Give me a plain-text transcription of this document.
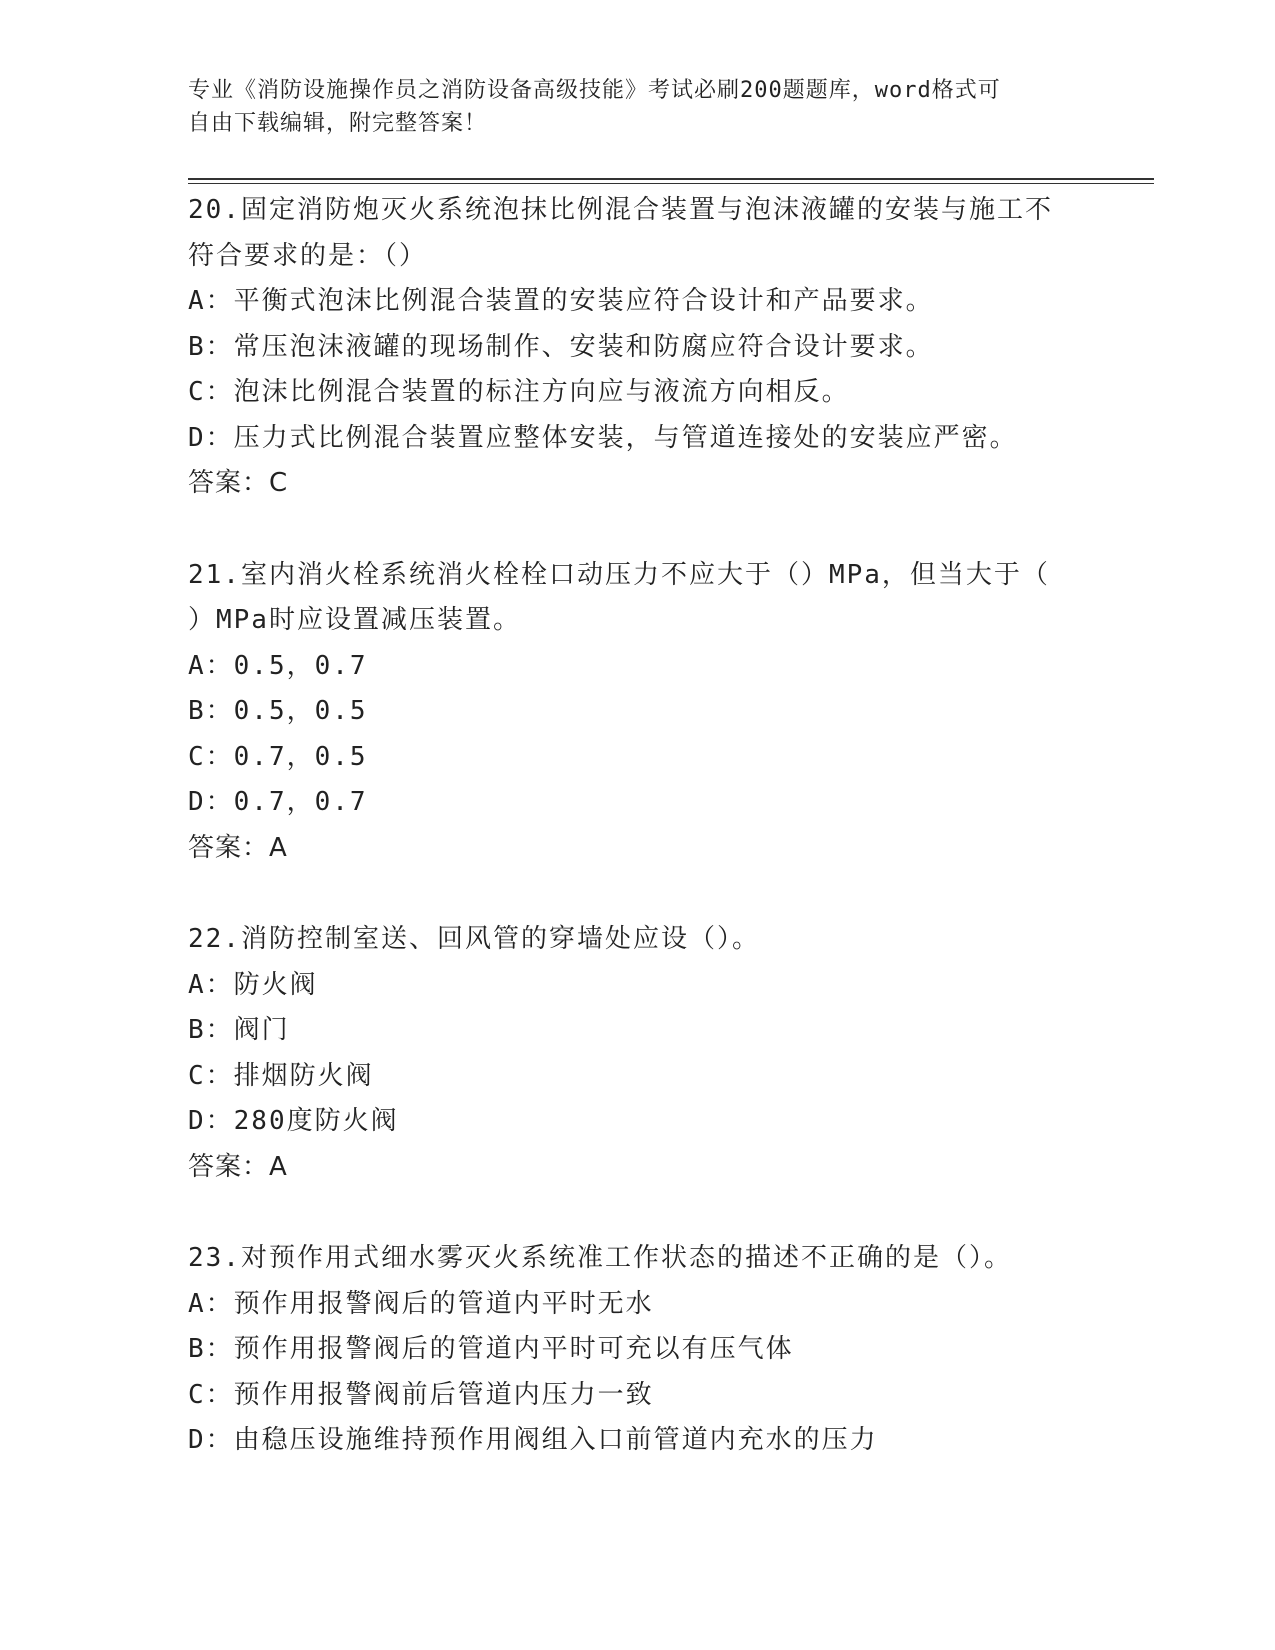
专业《消防设施操作员之消防设备高级技能》考试必刷200题题库，word格式可
自由下载编辑，附完整答案！

20.固定消防炮灭火系统泡抹比例混合装置与泡沫液罐的安装与施工不

符合要求的是：（）

A：平衡式泡沫比例混合装置的安装应符合设计和产品要求。

B：常压泡沫液罐的现场制作、安装和防腐应符合设计要求。

C：泡沫比例混合装置的标注方向应与液流方向相反。

D：压力式比例混合装置应整体安装，与管道连接处的安装应严密。

答案：C

21.室内消火栓系统消火栓栓口动压力不应大于（）MPa，但当大于（

）MPa时应设置减压装置。

A：0.5，0.7

B：0.5，0.5

C：0.7，0.5

D：0.7，0.7

答案：A

22.消防控制室送、回风管的穿墙处应设（）。

A：防火阀

B：阀门

C：排烟防火阀

D：280度防火阀

答案：A

23.对预作用式细水雾灭火系统准工作状态的描述不正确的是（）。

A：预作用报警阀后的管道内平时无水

B：预作用报警阀后的管道内平时可充以有压气体

C：预作用报警阀前后管道内压力一致

D：由稳压设施维持预作用阀组入口前管道内充水的压力
